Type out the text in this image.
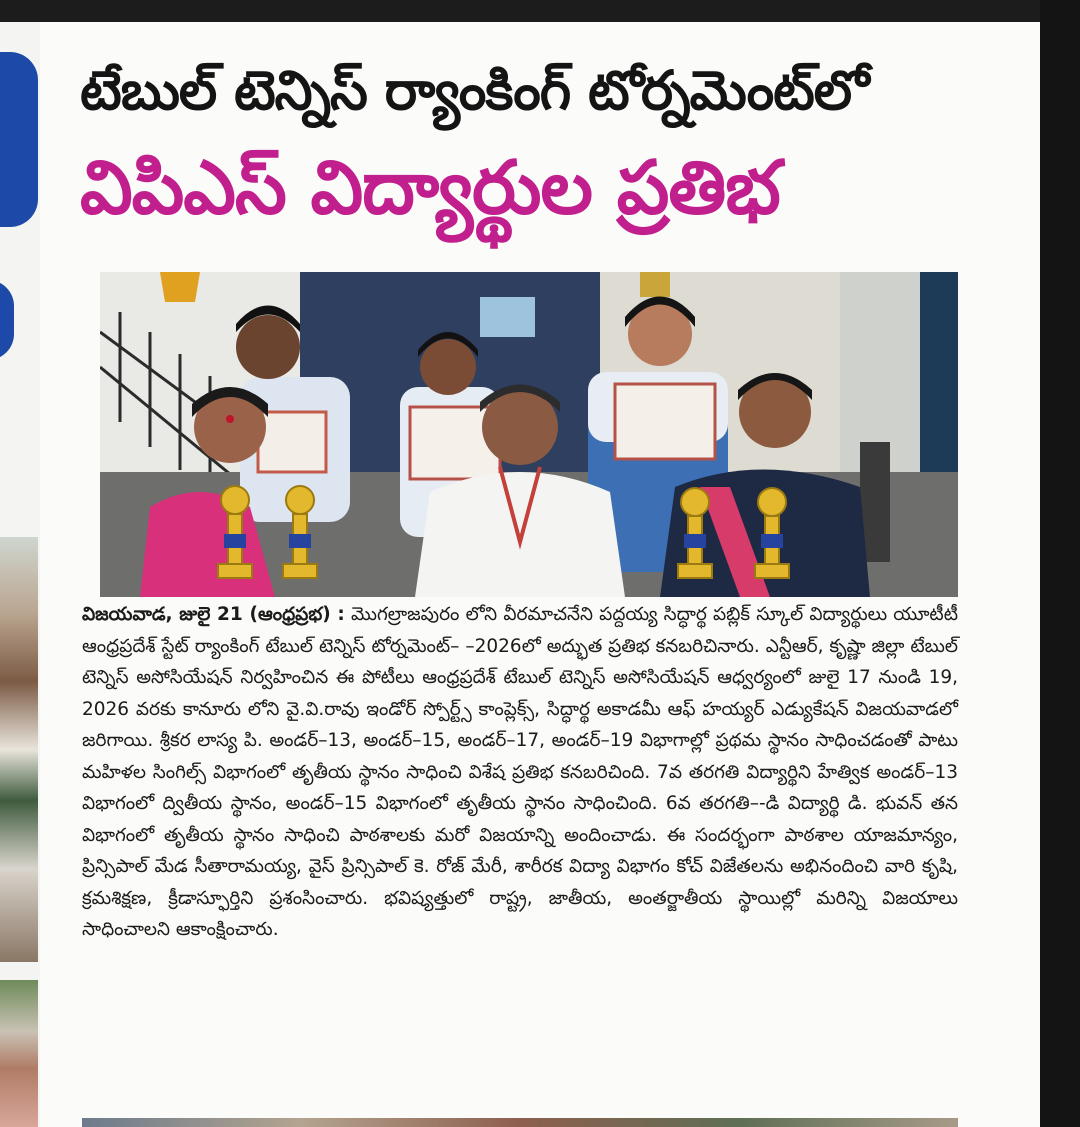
టేబుల్ టెన్నిస్ ర్యాంకింగ్ టోర్నమెంట్‌లో
విపిఎస్ విద్యార్థుల ప్రతిభ

విజయవాడ, జులై 21 (ఆంధ్రప్రభ) : మొగల్రాజపురం లోని వీరమాచనేని పద్దయ్య సిద్ధార్థ పబ్లిక్ స్కూల్ విద్యార్థులు యూటీటీ ఆంధ్రప్రదేశ్ స్టేట్ ర్యాంకింగ్ టేబుల్ టెన్నిస్ టోర్నమెంట్– –2026లో అద్భుత ప్రతిభ కనబరిచినారు. ఎన్టీఆర్, కృష్ణా జిల్లా టేబుల్ టెన్నిస్ అసోసియేషన్ నిర్వహించిన ఈ పోటీలు ఆంధ్రప్రదేశ్ టేబుల్ టెన్నిస్ అసోసియేషన్ ఆధ్వర్యంలో జులై 17 నుండి 19, 2026 వరకు కానూరు లోని వై.వి.రావు ఇండోర్ స్పోర్ట్స్ కాంప్లెక్స్, సిద్ధార్థ అకాడమీ ఆఫ్ హయ్యర్ ఎడ్యుకేషన్ విజయవాడలో జరిగాయి. శ్రీకర లాస్య పి. అండర్–13, అండర్–15, అండర్–17, అండర్–19 విభాగాల్లో ప్రథమ స్థానం సాధించడంతో పాటు మహిళల సింగిల్స్ విభాగంలో తృతీయ స్థానం సాధించి విశేష ప్రతిభ కనబరిచింది. 7వ తరగతి విద్యార్థిని హేత్విక అండర్–13 విభాగంలో ద్వితీయ స్థానం, అండర్–15 విభాగంలో తృతీయ స్థానం సాధించింది. 6వ తరగతి–-డి విద్యార్థి డి. భువన్ తన విభాగంలో తృతీయ స్థానం సాధించి పాఠశాలకు మరో విజయాన్ని అందించాడు. ఈ సందర్భంగా పాఠశాల యాజమాన్యం, ప్రిన్సిపాల్ మేడ సీతారామయ్య, వైస్ ప్రిన్సిపాల్ కె. రోజ్ మేరీ, శారీరక విద్యా విభాగం కోచ్ విజేతలను అభినందించి వారి కృషి, క్రమశిక్షణ, క్రీడాస్ఫూర్తిని ప్రశంసించారు. భవిష్యత్తులో రాష్ట్ర, జాతీయ, అంతర్జాతీయ స్థాయిల్లో మరిన్ని విజయాలు సాధించాలని ఆకాంక్షించారు.
